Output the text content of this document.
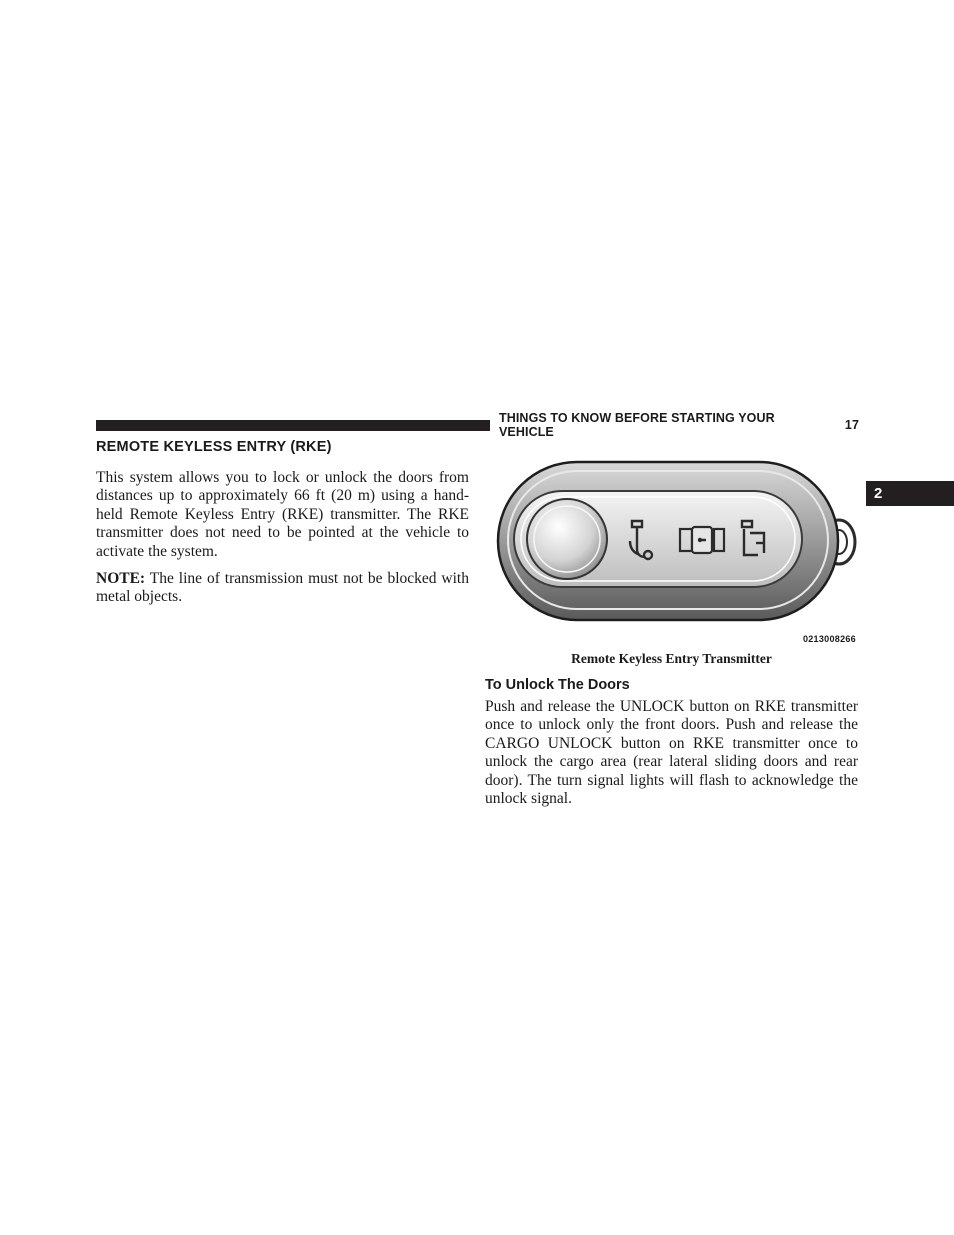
THINGS TO KNOW BEFORE STARTING YOUR VEHICLE	17
2
REMOTE KEYLESS ENTRY (RKE)

This system allows you to lock or unlock the doors from distances up to approximately 66 ft (20 m) using a hand-held Remote Keyless Entry (RKE) transmitter. The RKE transmitter does not need to be pointed at the vehicle to activate the system.

NOTE: The line of transmission must not be blocked with metal objects.

0213008266
Remote Keyless Entry Transmitter
To Unlock The Doors

Push and release the UNLOCK button on RKE transmitter once to unlock only the front doors. Push and release the CARGO UNLOCK button on RKE transmitter once to unlock the cargo area (rear lateral sliding doors and rear door). The turn signal lights will flash to acknowledge the unlock signal.
